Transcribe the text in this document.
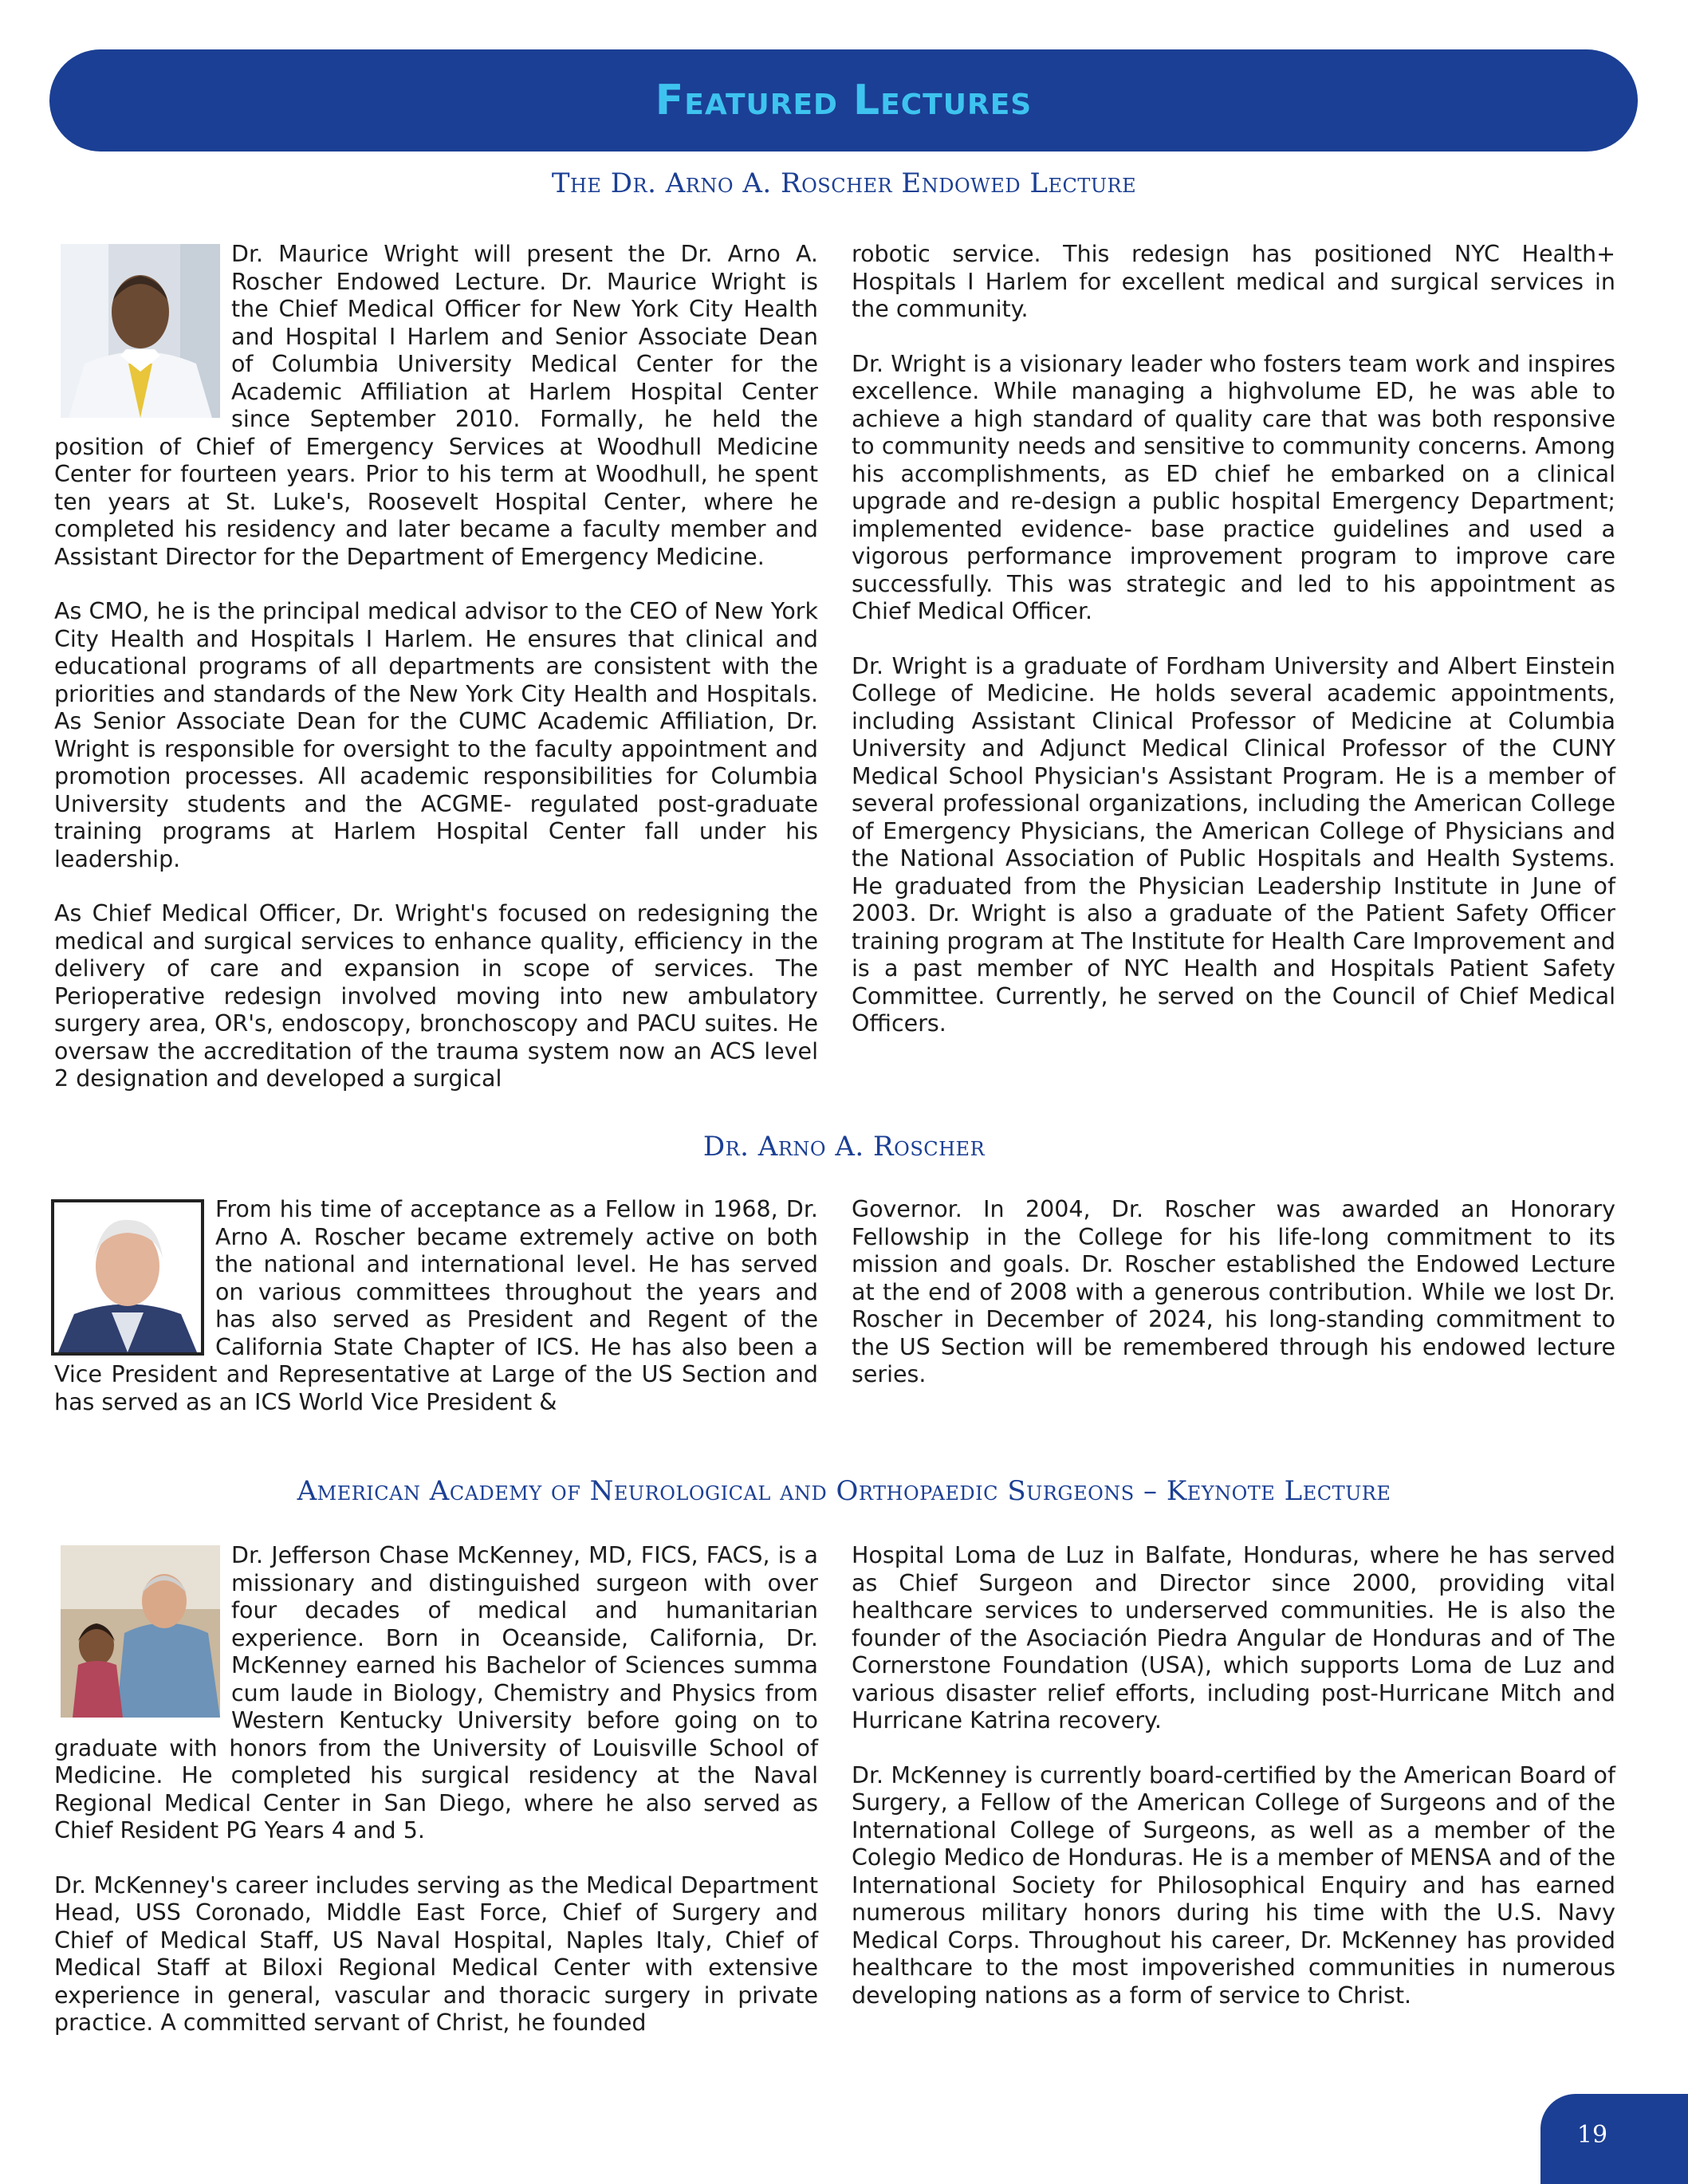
Featured Lectures
The Dr. Arno A. Roscher Endowed Lecture

Dr. Maurice Wright will present the Dr. Arno A. Roscher Endowed Lecture. Dr. Maurice Wright is the Chief Medical Officer for New York City Health and Hospital I Harlem and Senior Associate Dean of Columbia University Medical Center for the Academic Affiliation at Harlem Hospital Center since September 2010. Formally, he held the position of Chief of Emergency Services at Woodhull Medicine Center for fourteen years. Prior to his term at Woodhull, he spent ten years at St. Luke's, Roosevelt Hospital Center, where he completed his residency and later became a faculty member and Assistant Director for the Department of Emergency Medicine.

As CMO, he is the principal medical advisor to the CEO of New York City Health and Hospitals I Harlem. He ensures that clinical and educational programs of all departments are consistent with the priorities and standards of the New York City Health and Hospitals. As Senior Associate Dean for the CUMC Academic Affiliation, Dr. Wright is responsible for oversight to the faculty appointment and promotion processes. All academic responsibilities for Columbia University students and the ACGME- regulated post-graduate training programs at Harlem Hospital Center fall under his leadership.

As Chief Medical Officer, Dr. Wright's focused on redesigning the medical and surgical services to enhance quality, efficiency in the delivery of care and expansion in scope of services. The Perioperative redesign involved moving into new ambulatory surgery area, OR's, endoscopy, bronchoscopy and PACU suites. He oversaw the accreditation of the trauma system now an ACS level 2 designation and developed a surgical

robotic service. This redesign has positioned NYC Health+ Hospitals I Harlem for excellent medical and surgical services in the community.

Dr. Wright is a visionary leader who fosters team work and inspires excellence. While managing a highvolume ED, he was able to achieve a high standard of quality care that was both responsive to community needs and sensitive to community concerns. Among his accomplishments, as ED chief he embarked on a clinical upgrade and re-design a public hospital Emergency Department; implemented evidence- base practice guidelines and used a vigorous performance improvement program to improve care successfully. This was strategic and led to his appointment as Chief Medical Officer.

Dr. Wright is a graduate of Fordham University and Albert Einstein College of Medicine. He holds several academic appointments, including Assistant Clinical Professor of Medicine at Columbia University and Adjunct Medical Clinical Professor of the CUNY Medical School Physician's Assistant Program. He is a member of several professional organizations, including the American College of Emergency Physicians, the American College of Physicians and the National Association of Public Hospitals and Health Systems. He graduated from the Physician Leadership Institute in June of 2003. Dr. Wright is also a graduate of the Patient Safety Officer training program at The Institute for Health Care Improvement and is a past member of NYC Health and Hospitals Patient Safety Committee. Currently, he served on the Council of Chief Medical Officers.

Dr. Arno A. Roscher

From his time of acceptance as a Fellow in 1968, Dr. Arno A. Roscher became extremely active on both the national and international level. He has served on various committees throughout the years and has also served as President and Regent of the California State Chapter of ICS. He has also been a Vice President and Representative at Large of the US Section and has served as an ICS World Vice President &

Governor. In 2004, Dr. Roscher was awarded an Honorary Fellowship in the College for his life-long commitment to its mission and goals. Dr. Roscher established the Endowed Lecture at the end of 2008 with a generous contribution. While we lost Dr. Roscher in December of 2024, his long-standing commitment to the US Section will be remembered through his endowed lecture series.

American Academy of Neurological and Orthopaedic Surgeons – Keynote Lecture

Dr. Jefferson Chase McKenney, MD, FICS, FACS, is a missionary and distinguished surgeon with over four decades of medical and humanitarian experience. Born in Oceanside, California, Dr. McKenney earned his Bachelor of Sciences summa cum laude in Biology, Chemistry and Physics from Western Kentucky University before going on to graduate with honors from the University of Louisville School of Medicine. He completed his surgical residency at the Naval Regional Medical Center in San Diego, where he also served as Chief Resident PG Years 4 and 5.

Dr. McKenney's career includes serving as the Medical Department Head, USS Coronado, Middle East Force, Chief of Surgery and Chief of Medical Staff, US Naval Hospital, Naples Italy, Chief of Medical Staff at Biloxi Regional Medical Center with extensive experience in general, vascular and thoracic surgery in private practice. A committed servant of Christ, he founded

Hospital Loma de Luz in Balfate, Honduras, where he has served as Chief Surgeon and Director since 2000, providing vital healthcare services to underserved communities. He is also the founder of the Asociación Piedra Angular de Honduras and of The Cornerstone Foundation (USA), which supports Loma de Luz and various disaster relief efforts, including post-Hurricane Mitch and Hurricane Katrina recovery.

Dr. McKenney is currently board-certified by the American Board of Surgery, a Fellow of the American College of Surgeons and of the International College of Surgeons, as well as a member of the Colegio Medico de Honduras. He is a member of MENSA and of the International Society for Philosophical Enquiry and has earned numerous military honors during his time with the U.S. Navy Medical Corps. Throughout his career, Dr. McKenney has provided healthcare to the most impoverished communities in numerous developing nations as a form of service to Christ.

19
